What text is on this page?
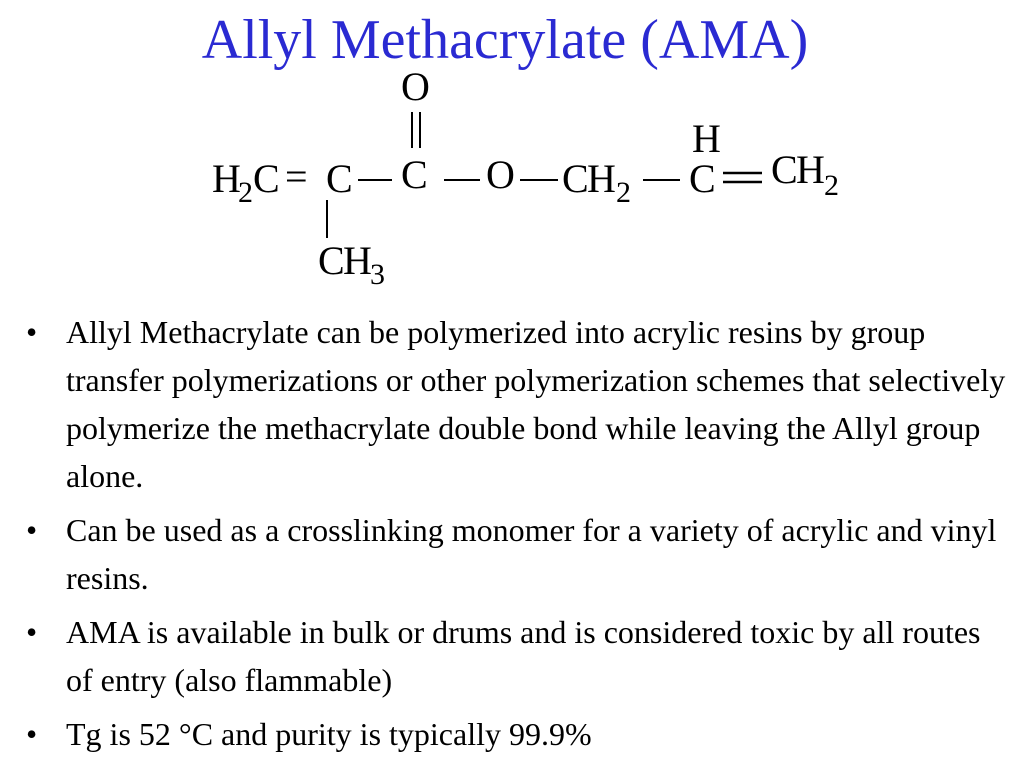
Allyl Methacrylate (AMA)
O
H
2 C = C C O C
H 2
H
C C
H 2
C
H
3
• Allyl Methacrylate can be polymerized into acrylic resins by group transfer polymerizations or other polymerization schemes that selectively polymerize the methacrylate double bond while leaving the Allyl group alone.
• Can be used as a crosslinking monomer for a variety of acrylic and vinyl resins.
• AMA is available in bulk or drums and is considered toxic by all routes of entry (also flammable)
• Tg is 52 °C and purity is typically 99.9%
